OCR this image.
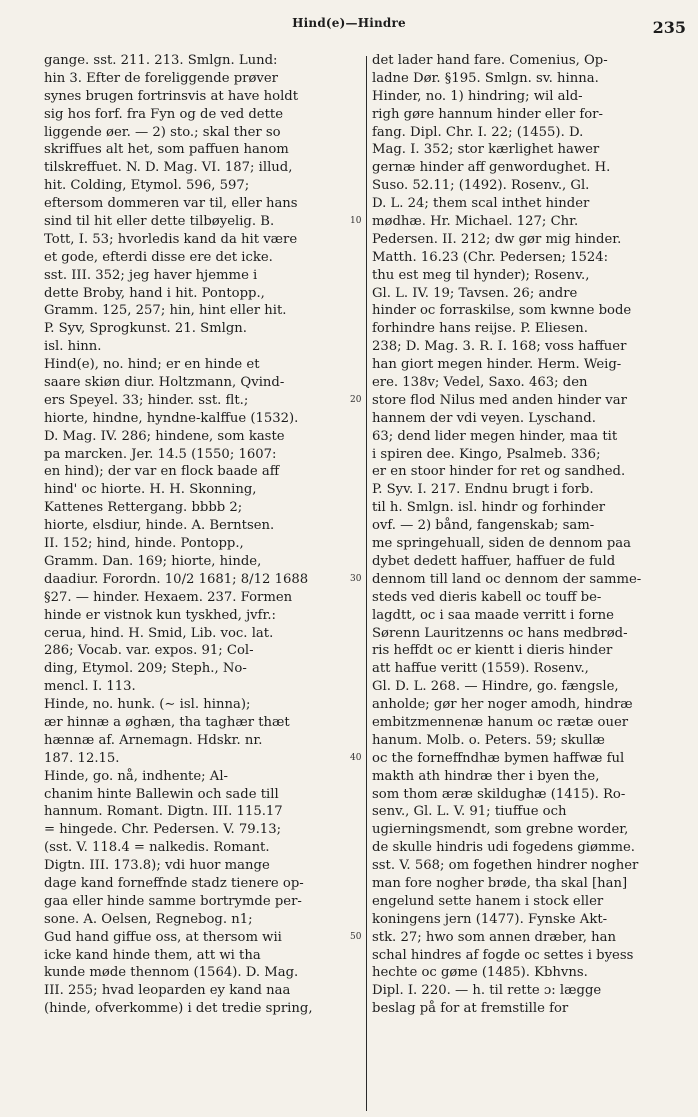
Hind(e)—Hindre	235
gange. sst. 211. 213. Smlgn. Lund:
hin 3. Efter de foreliggende prøver
synes brugen fortrinsvis at have holdt
sig hos forf. fra Fyn og de ved dette
liggende øer. — 2) sto.; skal ther so
skriffues alt het, som paffuen hanom
tilskreffuet. N. D. Mag. VI. 187; illud,
hit. Colding, Etymol. 596, 597;
eftersom dommeren var til, eller hans
sind til hit eller dette tilbøyelig. B.
Tott, I. 53; hvorledis kand da hit være
et gode, efterdi disse ere det icke.
sst. III. 352; jeg haver hjemme i
dette Broby, hand i hit. Pontopp.,
Gramm. 125, 257; hin, hint eller hit.
P. Syv, Sprogkunst. 21. Smlgn.
isl. hinn.
Hind(e), no. hind; er en hinde et
saare skiøn diur. Holtzmann, Qvind-
ers Speyel. 33; hinder. sst. flt.;
hiorte, hindne, hyndne-kalffue (1532).
D. Mag. IV. 286; hindene, som kaste
pa marcken. Jer. 14.5 (1550; 1607:
en hind); der var en flock baade aff
hind' oc hiorte. H. H. Skonning,
Kattenes Rettergang. bbbb 2;
hiorte, elsdiur, hinde. A. Berntsen.
II. 152; hind, hinde. Pontopp.,
Gramm. Dan. 169; hiorte, hinde,
daadiur. Forordn. 10/2 1681; 8/12 1688
§27. — hinder. Hexaem. 237. Formen
hinde er vistnok kun tyskhed, jvfr.:
cerua, hind. H. Smid, Lib. voc. lat.
286; Vocab. var. expos. 91; Col-
ding, Etymol. 209; Steph., No-
mencl. I. 113.
Hinde, no. hunk. (∼ isl. hinna);
ær hinnæ a øghæn, tha taghær thæt
hænnæ af. Arnemagn. Hdskr. nr.
187. 12.15.
Hinde, go. nå, indhente; Al-
chanim hinte Ballewin och sade till
hannum. Romant. Digtn. III. 115.17
= hingede. Chr. Pedersen. V. 79.13;
(sst. V. 118.4 = nalkedis. Romant.
Digtn. III. 173.8); vdi huor mange
dage kand forneffnde stadz tienere op-
gaa eller hinde samme bortrymde per-
sone. A. Oelsen, Regnebog. n1;
Gud hand giffue oss, at thersom wii
icke kand hinde them, att wi tha
kunde møde thennom (1564). D. Mag.
III. 255; hvad leoparden ey kand naa
(hinde, ofverkomme) i det tredie spring,
det lader hand fare. Comenius, Op-
ladne Dør. §195. Smlgn. sv. hinna.
Hinder, no. 1) hindring; wil ald-
righ gøre hannum hinder eller for-
fang. Dipl. Chr. I. 22; (1455). D.
Mag. I. 352; stor kærlighet hawer
gernæ hinder aff genwordughet. H.
Suso. 52.11; (1492). Rosenv., Gl.
D. L. 24; them scal inthet hinder
mødhæ. Hr. Michael. 127; Chr.
10
Pedersen. II. 212; dw gør mig hinder.
Matth. 16.23 (Chr. Pedersen; 1524:
thu est meg til hynder); Rosenv.,
Gl. L. IV. 19; Tavsen. 26; andre
hinder oc forraskilse, som kwnne bode
forhindre hans reijse. P. Eliesen.
238; D. Mag. 3. R. I. 168; voss haffuer
han giort megen hinder. Herm. Weig-
ere. 138v; Vedel, Saxo. 463; den
store flod Nilus med anden hinder var
20
hannem der vdi veyen. Lyschand.
63; dend lider megen hinder, maa tit
i spiren dee. Kingo, Psalmeb. 336;
er en stoor hinder for ret og sandhed.
P. Syv. I. 217. Endnu brugt i forb.
til h. Smlgn. isl. hindr og forhinder
ovf. — 2) bånd, fangenskab; sam-
me springehuall, siden de dennom paa
dybet dedett haffuer, haffuer de fuld
dennom till land oc dennom der samme-
30
steds ved dieris kabell oc touff be-
lagdtt, oc i saa maade verritt i forne
Sørenn Lauritzenns oc hans medbrød-
ris heffdt oc er kientt i dieris hinder
att haffue veritt (1559). Rosenv.,
Gl. D. L. 268. — Hindre, go. fængsle,
anholde; gør her noger amodh, hindræ
embitzmennenæ hanum oc rætæ ouer
hanum. Molb. o. Peters. 59; skullæ
oc the forneffndhæ bymen haffwæ ful
40
makth ath hindræ ther i byen the,
som thom æræ skildughæ (1415). Ro-
senv., Gl. L. V. 91; tiuffue och
ugierningsmendt, som grebne worder,
de skulle hindris udi fogedens giømme.
sst. V. 568; om fogethen hindrer nogher
man fore nogher brøde, tha skal [han]
engelund sette hanem i stock eller
koningens jern (1477). Fynske Akt-
stk. 27; hwo som annen dræber, han
50
schal hindres af fogde oc settes i byess
hechte oc gøme (1485). Kbhvns.
Dipl. I. 220. — h. til rette ɔ: lægge
beslag på for at fremstille for
